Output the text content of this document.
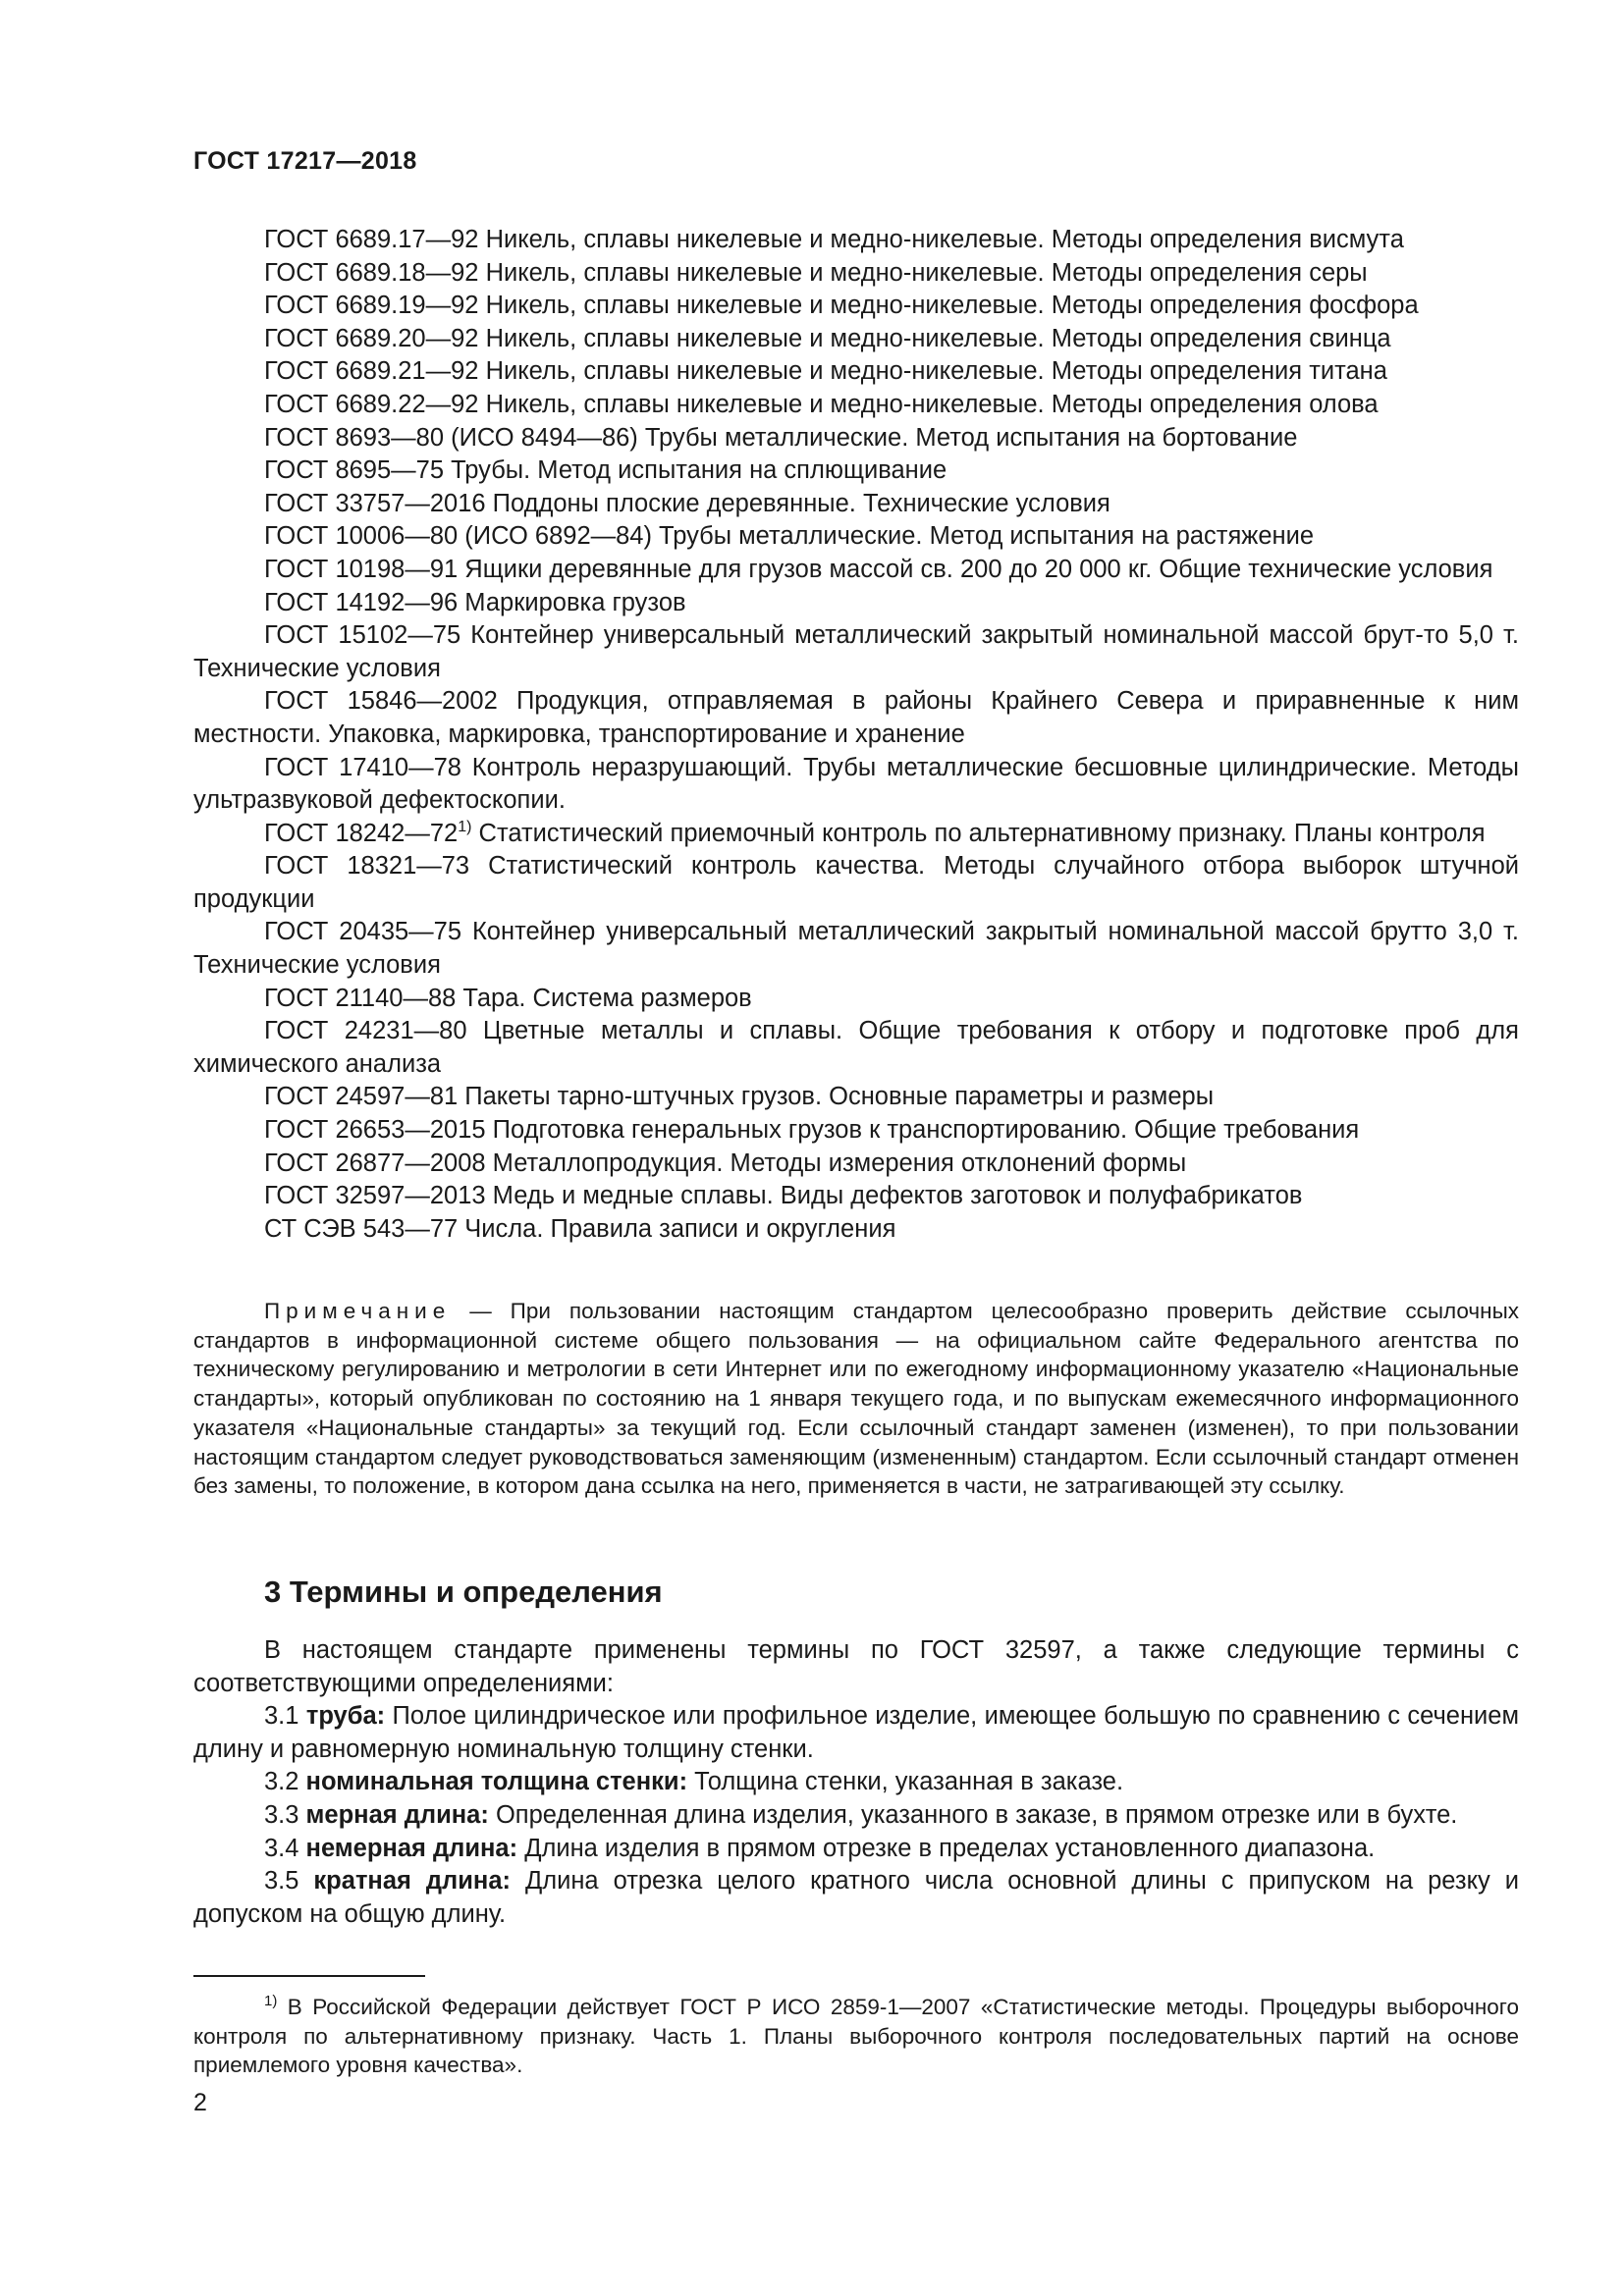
ГОСТ 17217—2018

ГОСТ 6689.17—92 Никель, сплавы никелевые и медно-никелевые. Методы определения висмута

ГОСТ 6689.18—92 Никель, сплавы никелевые и медно-никелевые. Методы определения серы

ГОСТ 6689.19—92 Никель, сплавы никелевые и медно-никелевые. Методы определения фосфора

ГОСТ 6689.20—92 Никель, сплавы никелевые и медно-никелевые. Методы определения свинца

ГОСТ 6689.21—92 Никель, сплавы никелевые и медно-никелевые. Методы определения титана

ГОСТ 6689.22—92 Никель, сплавы никелевые и медно-никелевые. Методы определения олова

ГОСТ 8693—80 (ИСО 8494—86) Трубы металлические. Метод испытания на бортование

ГОСТ 8695—75 Трубы. Метод испытания на сплющивание

ГОСТ 33757—2016 Поддоны плоские деревянные. Технические условия

ГОСТ 10006—80 (ИСО 6892—84) Трубы металлические. Метод испытания на растяжение

ГОСТ 10198—91 Ящики деревянные для грузов массой св. 200 до 20 000 кг. Общие технические условия

ГОСТ 14192—96 Маркировка грузов

ГОСТ 15102—75 Контейнер универсальный металлический закрытый номинальной массой брут-то 5,0 т. Технические условия

ГОСТ 15846—2002 Продукция, отправляемая в районы Крайнего Севера и приравненные к ним местности. Упаковка, маркировка, транспортирование и хранение

ГОСТ 17410—78 Контроль неразрушающий. Трубы металлические бесшовные цилиндрические. Методы ультразвуковой дефектоскопии.

ГОСТ 18242—72$^{1)}$ Статистический приемочный контроль по альтернативному признаку. Планы контроля

ГОСТ 18321—73 Статистический контроль качества. Методы случайного отбора выборок штучной продукции

ГОСТ 20435—75 Контейнер универсальный металлический закрытый номинальной массой брутто 3,0 т. Технические условия

ГОСТ 21140—88 Тара. Система размеров

ГОСТ 24231—80 Цветные металлы и сплавы. Общие требования к отбору и подготовке проб для химического анализа

ГОСТ 24597—81 Пакеты тарно-штучных грузов. Основные параметры и размеры

ГОСТ 26653—2015 Подготовка генеральных грузов к транспортированию. Общие требования

ГОСТ 26877—2008 Металлопродукция. Методы измерения отклонений формы

ГОСТ 32597—2013 Медь и медные сплавы. Виды дефектов заготовок и полуфабрикатов

СТ СЭВ 543—77 Числа. Правила записи и округления

Примечание — При пользовании настоящим стандартом целесообразно проверить действие ссылочных стандартов в информационной системе общего пользования — на официальном сайте Федерального агентства по техническому регулированию и метрологии в сети Интернет или по ежегодному информационному указателю «Национальные стандарты», который опубликован по состоянию на 1 января текущего года, и по выпускам ежемесячного информационного указателя «Национальные стандарты» за текущий год. Если ссылочный стандарт заменен (изменен), то при пользовании настоящим стандартом следует руководствоваться заменяющим (измененным) стандартом. Если ссылочный стандарт отменен без замены, то положение, в котором дана ссылка на него, применяется в части, не затрагивающей эту ссылку.

3 Термины и определения

В настоящем стандарте применены термины по ГОСТ 32597, а также следующие термины с соответствующими определениями:

3.1 труба: Полое цилиндрическое или профильное изделие, имеющее большую по сравнению с сечением длину и равномерную номинальную толщину стенки.

3.2 номинальная толщина стенки: Толщина стенки, указанная в заказе.

3.3 мерная длина: Определенная длина изделия, указанного в заказе, в прямом отрезке или в бухте.

3.4 немерная длина: Длина изделия в прямом отрезке в пределах установленного диапазона.

3.5 кратная длина: Длина отрезка целого кратного числа основной длины с припуском на резку и допуском на общую длину.

$^{1)}$ В Российской Федерации действует ГОСТ Р ИСО 2859-1—2007 «Статистические методы. Процедуры выборочного контроля по альтернативному признаку. Часть 1. Планы выборочного контроля последовательных партий на основе приемлемого уровня качества».

2
